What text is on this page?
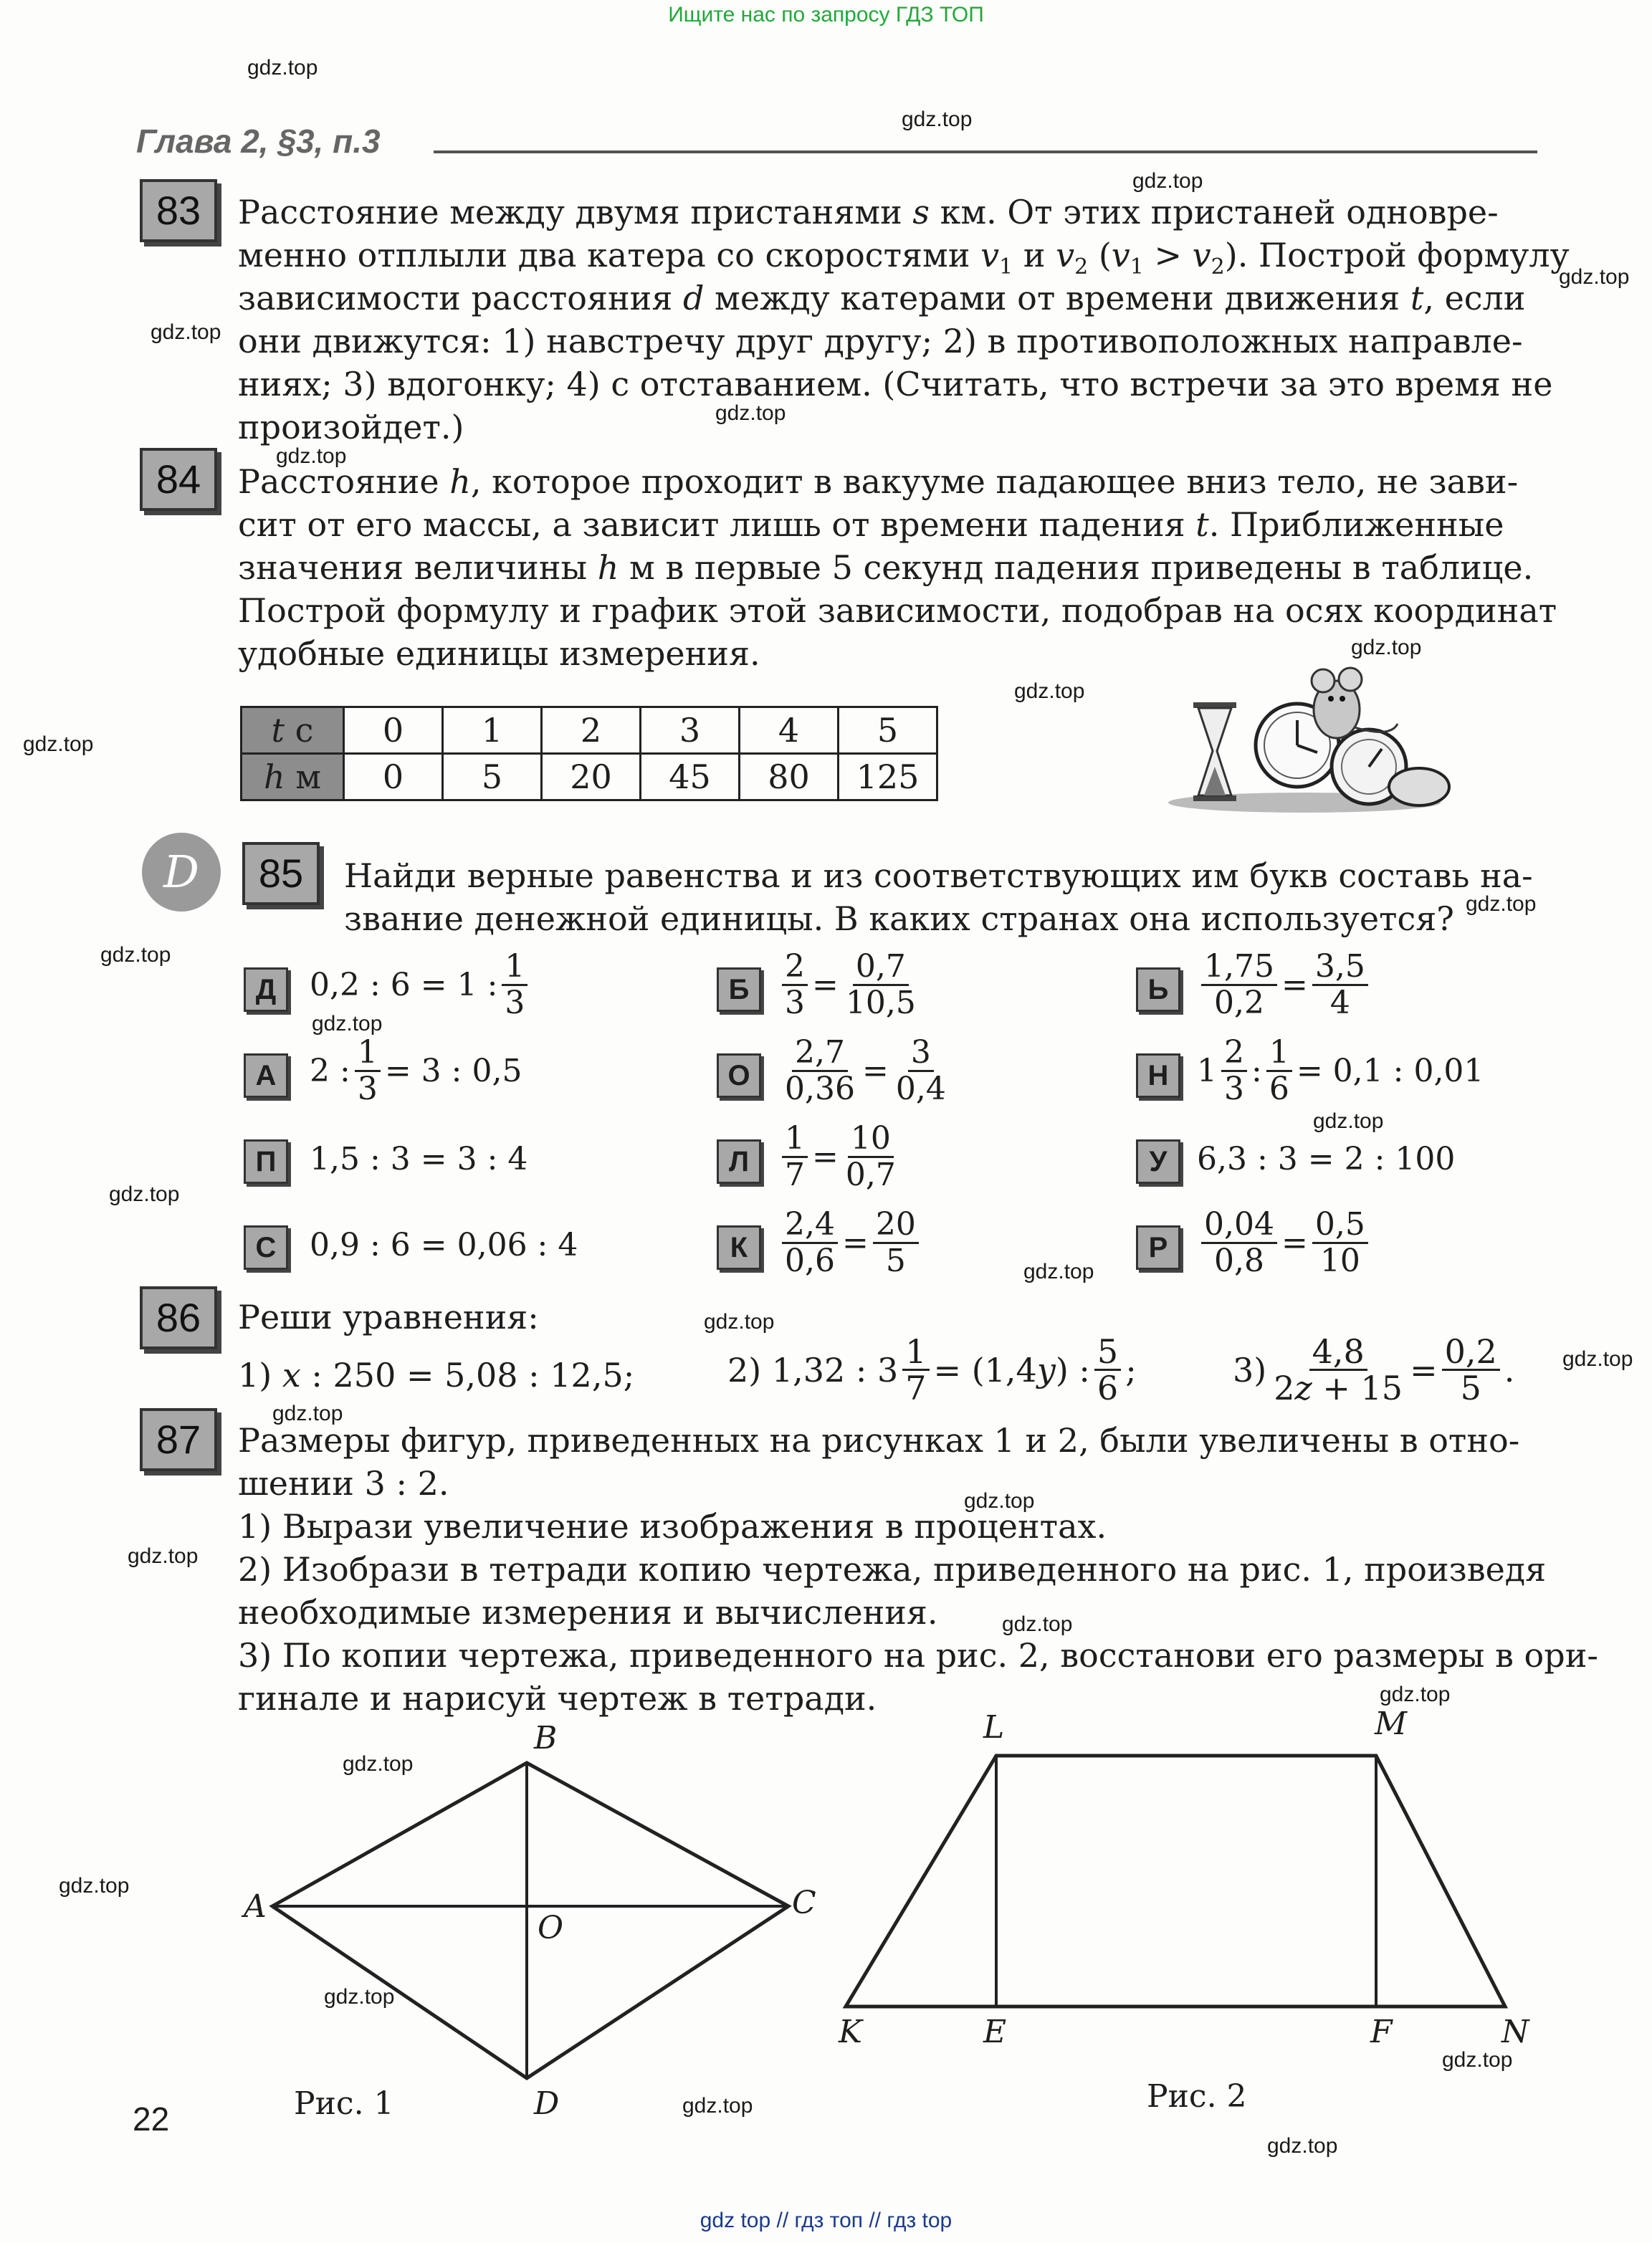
Ищите нас по запросу ГДЗ ТОП
Глава 2, §3, п.3
83	Расстояние между двумя пристанями s км. От этих пристаней одновре-
менно отплыли два катера со скоростями $v_1$ и $v_2$ $(v_1 > v_2)$. Построй формулу
зависимости расстояния d между катерами от времени движения t, если
они движутся: 1) навстречу друг другу; 2) в противоположных направле-
ниях; 3) вдогонку; 4) с отставанием. (Считать, что встречи за это время не
произойдет.)
84	Расстояние h, которое проходит в вакууме падающее вниз тело, не зави-
сит от его массы, а зависит лишь от времени падения t. Приближенные
значения величины h м в первые 5 секунд падения приведены в таблице.
Построй формулу и график этой зависимости, подобрав на осях координат
удобные единицы измерения.
t с	0	1	2	3	4	5
h м	0	5	20	45	80	125
D	85	Найди верные равенства и из соответствующих им букв составь на-
звание денежной единицы. В каких странах она используется?
Д	0,2 : 6 = 1 : $\frac{1}{3}$
А	2 : $\frac{1}{3} = 3$ : 0,5
П	1,5 : 3 = 3 : 4
С	0,9 : 6 = 0,06 : 4
Б	$\frac{2}{3} = \frac{0,7}{10,5}$
О	$\frac{2,7}{0,36} = \frac{3}{0,4}$
Л	$\frac{1}{7} = \frac{10}{0,7}$
К	$\frac{2,4}{0,6} = \frac{20}{5}$
Ь	$\frac{1,75}{0,2} = \frac{3,5}{4}$
Н $1 \frac{2}{3}$ : $\frac{1}{6} = 0,1$ : 0,01
У 6,3 : 3 = 2 : 100
Р	$\frac{0,04}{0,8} = \frac{0,5}{10}$
86	Реши уравнения:
1) x : 250 = 5,08 : 12,5;	2) 1,32 : $3 \frac{1}{7} = (1,4y)$ : $\frac{5}{6}$ ;	$3) \frac{4,8}{2z + 15} = \frac{0,2}{5}$ .
87	Размеры фигур, приведенных на рисунках 1 и 2, были увеличены в отно-
шении 3 : 2.
1) Вырази увеличение изображения в процентах.
2) Изобрази в тетради копию чертежа, приведенного на рис. 1, произведя
необходимые измерения и вычисления.
3) По копии чертежа, приведенного на рис. 2, восстанови его размеры в ори-
гинале и нарисуй чертеж в тетради.
B
A	C
O
D
Рис. 1
L	M
K	E	F	N
Рис. 2
22
gdz.top
gdz.top
gdz.top
gdz.top
gdz.top
gdz.top
gdz.top
gdz.top
gdz.top
gdz.top
gdz.top
gdz.top
gdz.top
gdz.top
gdz.top
gdz.top
gdz.top
gdz.top
gdz.top
gdz.top
gdz.top
gdz.top
gdz.top
gdz.top
gdz.top
gdz.top
gdz.top
gdz.top
gdz.top
gdz top // гдз топ // гдз top
